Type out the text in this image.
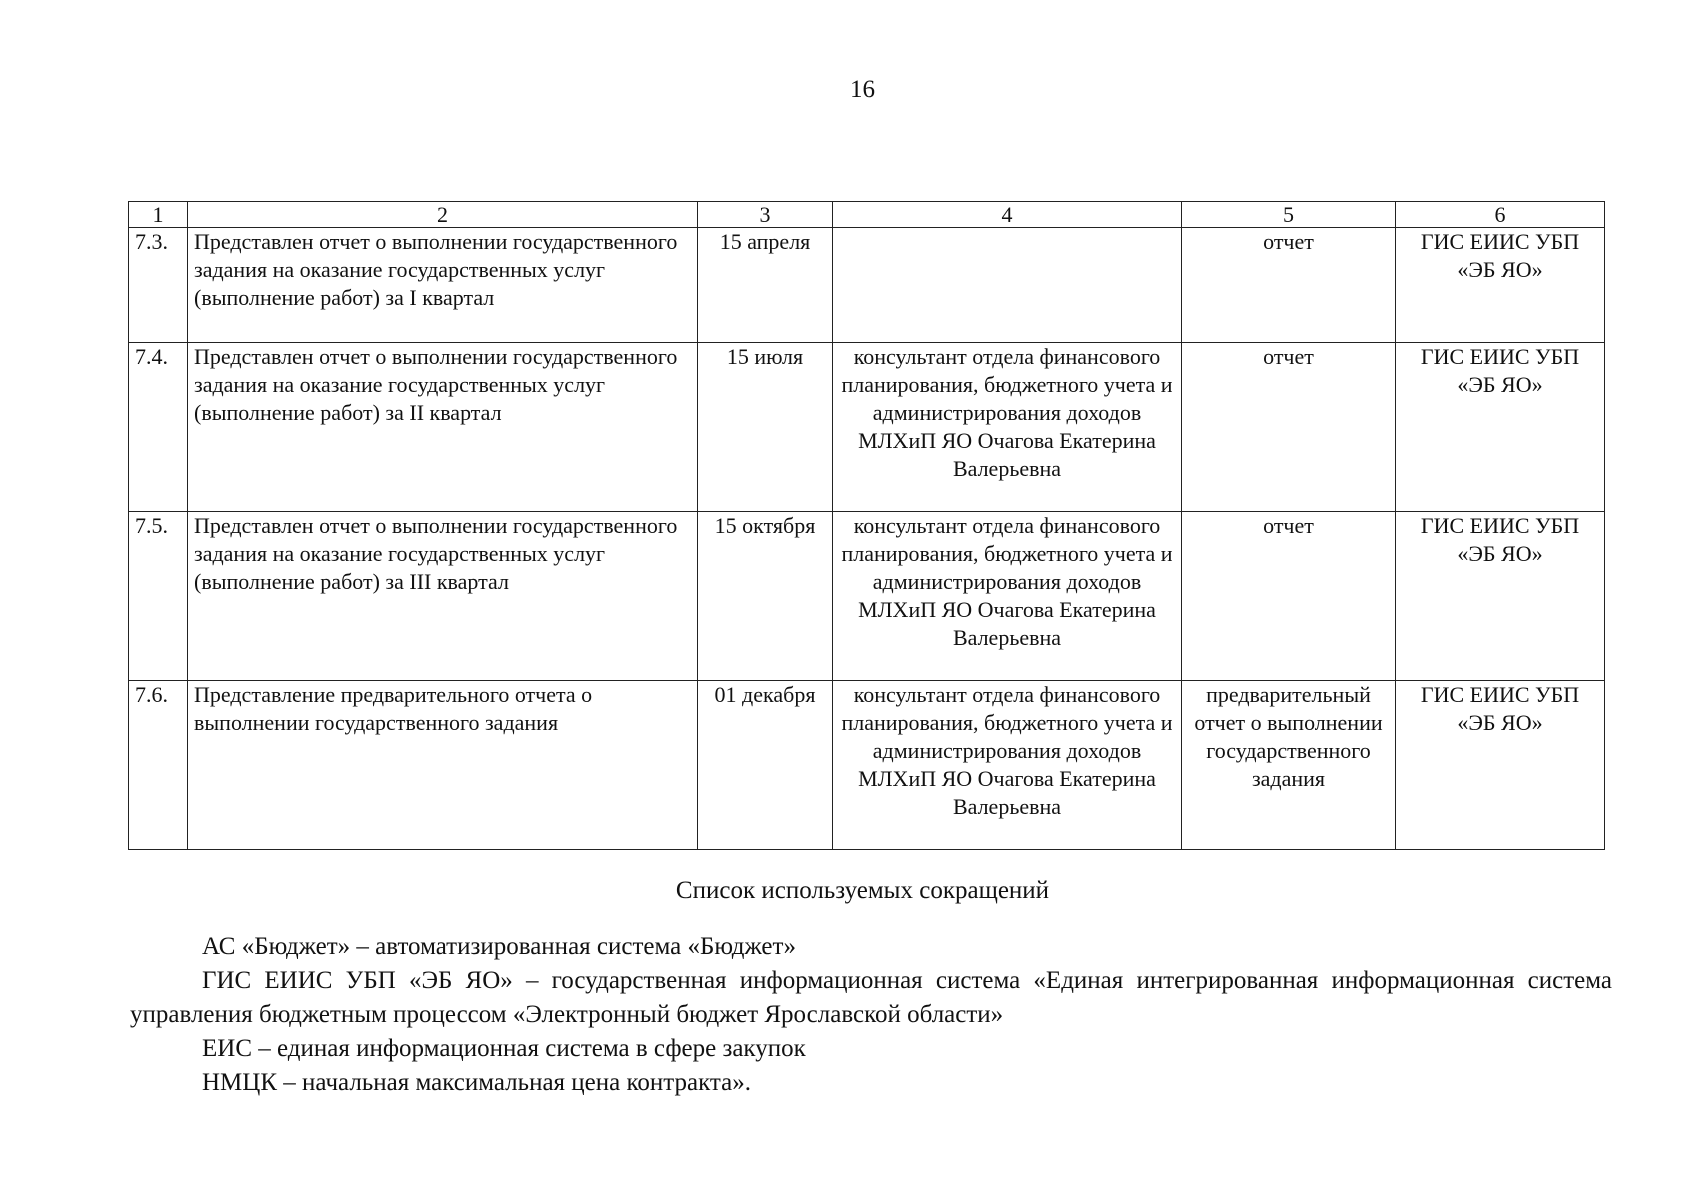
16
1	2	3	4	5	6
7.3.	Представлен отчет о выполнении государственного задания на оказание государственных услуг (выполнение работ) за I квартал	15 апреля		отчет	ГИС ЕИИС УБП «ЭБ ЯО»
7.4.	Представлен отчет о выполнении государственного задания на оказание государственных услуг (выполнение работ) за II квартал	15 июля	консультант отдела финансового планирования, бюджетного учета и администрирования доходов МЛХиП ЯО Очагова Екатерина Валерьевна	отчет	ГИС ЕИИС УБП «ЭБ ЯО»
7.5.	Представлен отчет о выполнении государственного задания на оказание государственных услуг (выполнение работ) за III квартал	15 октября	консультант отдела финансового планирования, бюджетного учета и администрирования доходов МЛХиП ЯО Очагова Екатерина Валерьевна	отчет	ГИС ЕИИС УБП «ЭБ ЯО»
7.6.	Представление предварительного отчета о выполнении государственного задания	01 декабря	консультант отдела финансового планирования, бюджетного учета и администрирования доходов МЛХиП ЯО Очагова Екатерина Валерьевна	предварительный отчет о выполнении государственного задания	ГИС ЕИИС УБП «ЭБ ЯО»
Список используемых сокращений

АС «Бюджет» – автоматизированная система «Бюджет»

ГИС ЕИИС УБП «ЭБ ЯО» – государственная информационная система «Единая интегрированная информационная система управления бюджетным процессом «Электронный бюджет Ярославской области»

ЕИС – единая информационная система в сфере закупок

НМЦК – начальная максимальная цена контракта».
